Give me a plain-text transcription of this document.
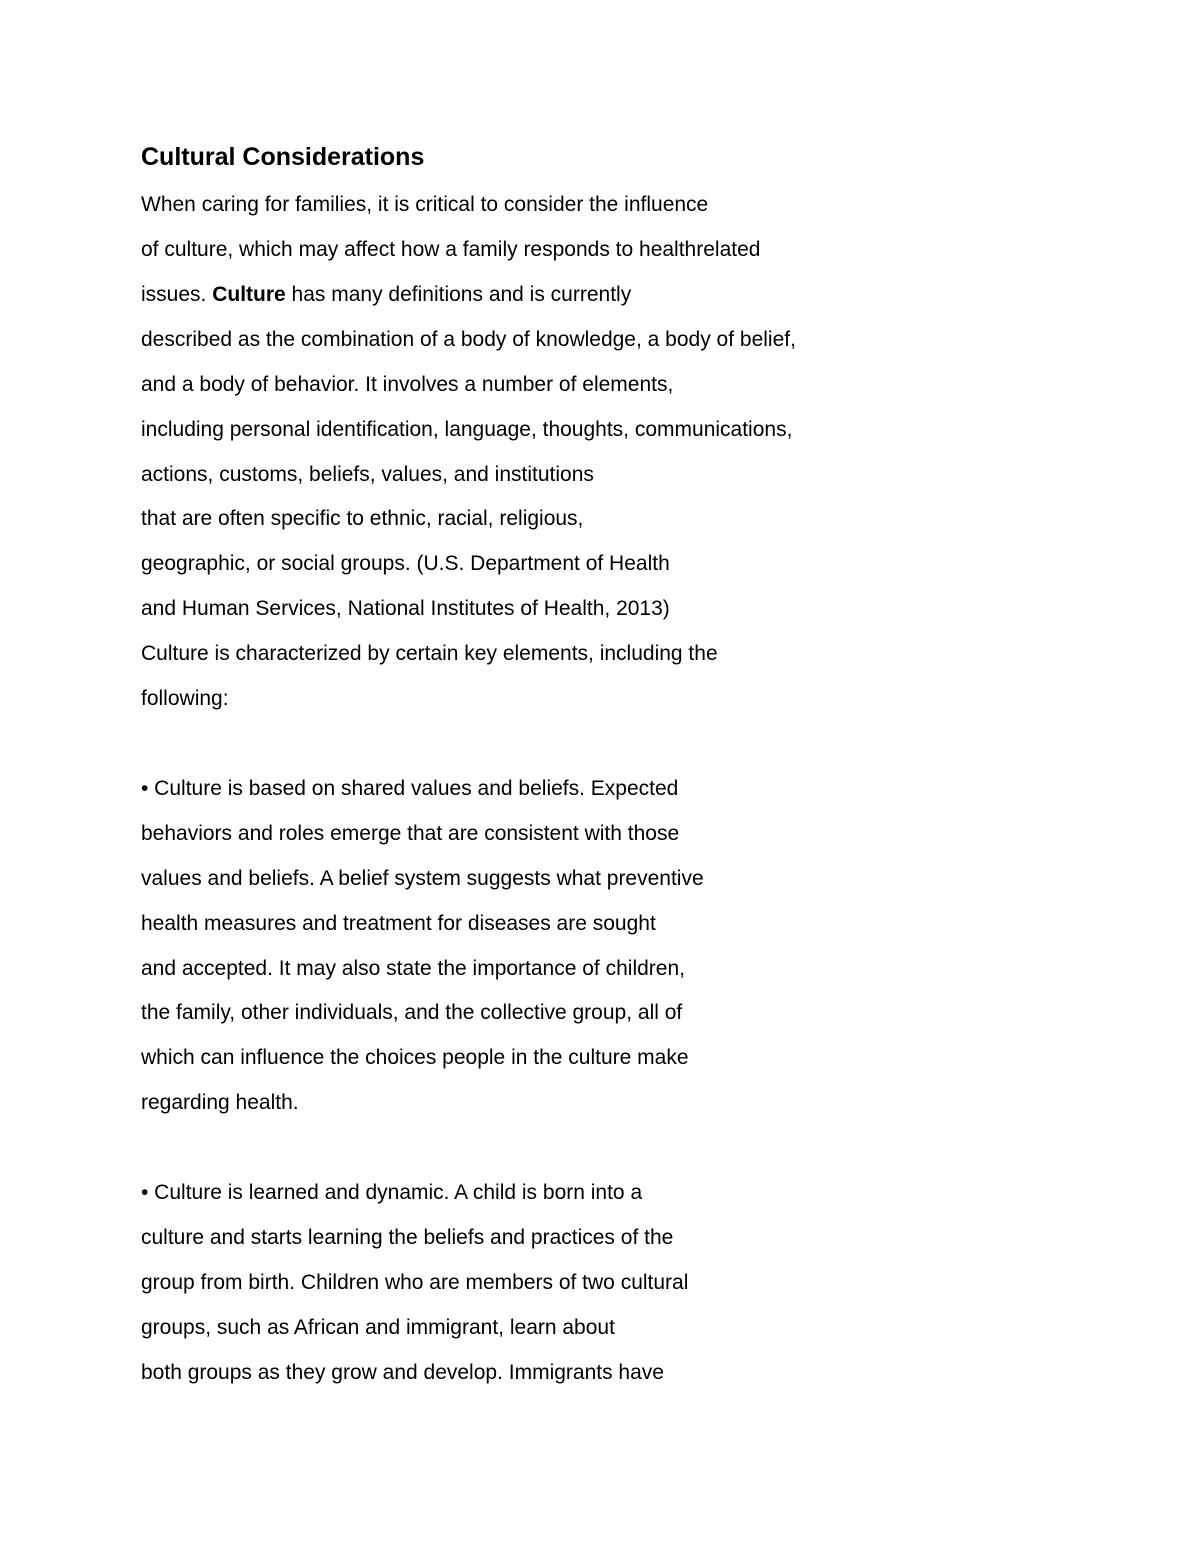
Cultural Considerations
When caring for families, it is critical to consider the influence
of culture, which may affect how a family responds to healthrelated
issues. Culture has many definitions and is currently
described as the combination of a body of knowledge, a body of belief,
and a body of behavior. It involves a number of elements,
including personal identification, language, thoughts, communications,
actions, customs, beliefs, values, and institutions
that are often specific to ethnic, racial, religious,
geographic, or social groups. (U.S. Department of Health
and Human Services, National Institutes of Health, 2013)
Culture is characterized by certain key elements, including the
following:
• Culture is based on shared values and beliefs. Expected
behaviors and roles emerge that are consistent with those
values and beliefs. A belief system suggests what preventive
health measures and treatment for diseases are sought
and accepted. It may also state the importance of children,
the family, other individuals, and the collective group, all of
which can influence the choices people in the culture make
regarding health.
• Culture is learned and dynamic. A child is born into a
culture and starts learning the beliefs and practices of the
group from birth. Children who are members of two cultural
groups, such as African and immigrant, learn about
both groups as they grow and develop. Immigrants have
